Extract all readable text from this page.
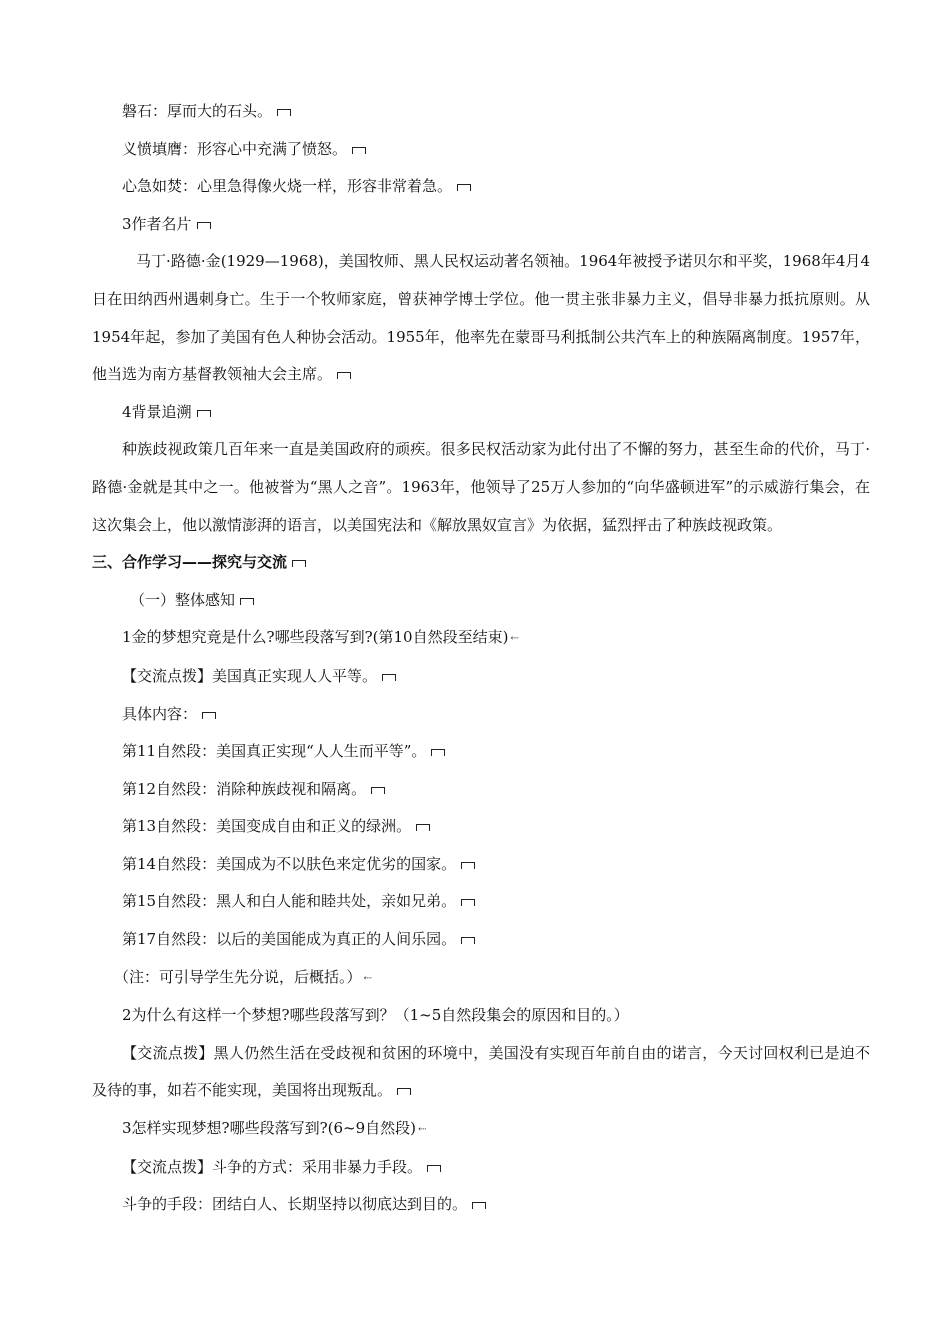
磐石：厚而大的石头。
义愤填膺：形容心中充满了愤怒。
心急如焚：心里急得像火烧一样，形容非常着急。
3作者名片
马丁·路德·金(1929—1968)，美国牧师、黑人民权运动著名领袖。1964年被授予诺贝尔和平奖，1968年4月4日在田纳西州遇刺身亡。生于一个牧师家庭，曾获神学博士学位。他一贯主张非暴力主义，倡导非暴力抵抗原则。从1954年起，参加了美国有色人种协会活动。1955年，他率先在蒙哥马利抵制公共汽车上的种族隔离制度。1957年，他当选为南方基督教领袖大会主席。
4背景追溯
种族歧视政策几百年来一直是美国政府的顽疾。很多民权活动家为此付出了不懈的努力，甚至生命的代价，马丁·路德·金就是其中之一。他被誉为“黑人之音”。1963年，他领导了25万人参加的“向华盛顿进军”的示威游行集会，在这次集会上，他以激情澎湃的语言，以美国宪法和《解放黑奴宣言》为依据，猛烈抨击了种族歧视政策。
三、合作学习——探究与交流
（一）整体感知
1金的梦想究竟是什么?哪些段落写到?(第10自然段至结束) ⇠
【交流点拨】美国真正实现人人平等。
具体内容：
第11自然段：美国真正实现“人人生而平等”。
第12自然段：消除种族歧视和隔离。
第13自然段：美国变成自由和正义的绿洲。
第14自然段：美国成为不以肤色来定优劣的国家。
第15自然段：黑人和白人能和睦共处，亲如兄弟。
第17自然段：以后的美国能成为真正的人间乐园。
（注：可引导学生先分说，后概括。） ⇠
2为什么有这样一个梦想?哪些段落写到？（1~5自然段集会的原因和目的。）
【交流点拨】黑人仍然生活在受歧视和贫困的环境中，美国没有实现百年前自由的诺言，今天讨回权利已是迫不及待的事，如若不能实现，美国将出现叛乱。
3怎样实现梦想?哪些段落写到?(6~9自然段) ⇠
【交流点拨】斗争的方式：采用非暴力手段。
斗争的手段：团结白人、长期坚持以彻底达到目的。
